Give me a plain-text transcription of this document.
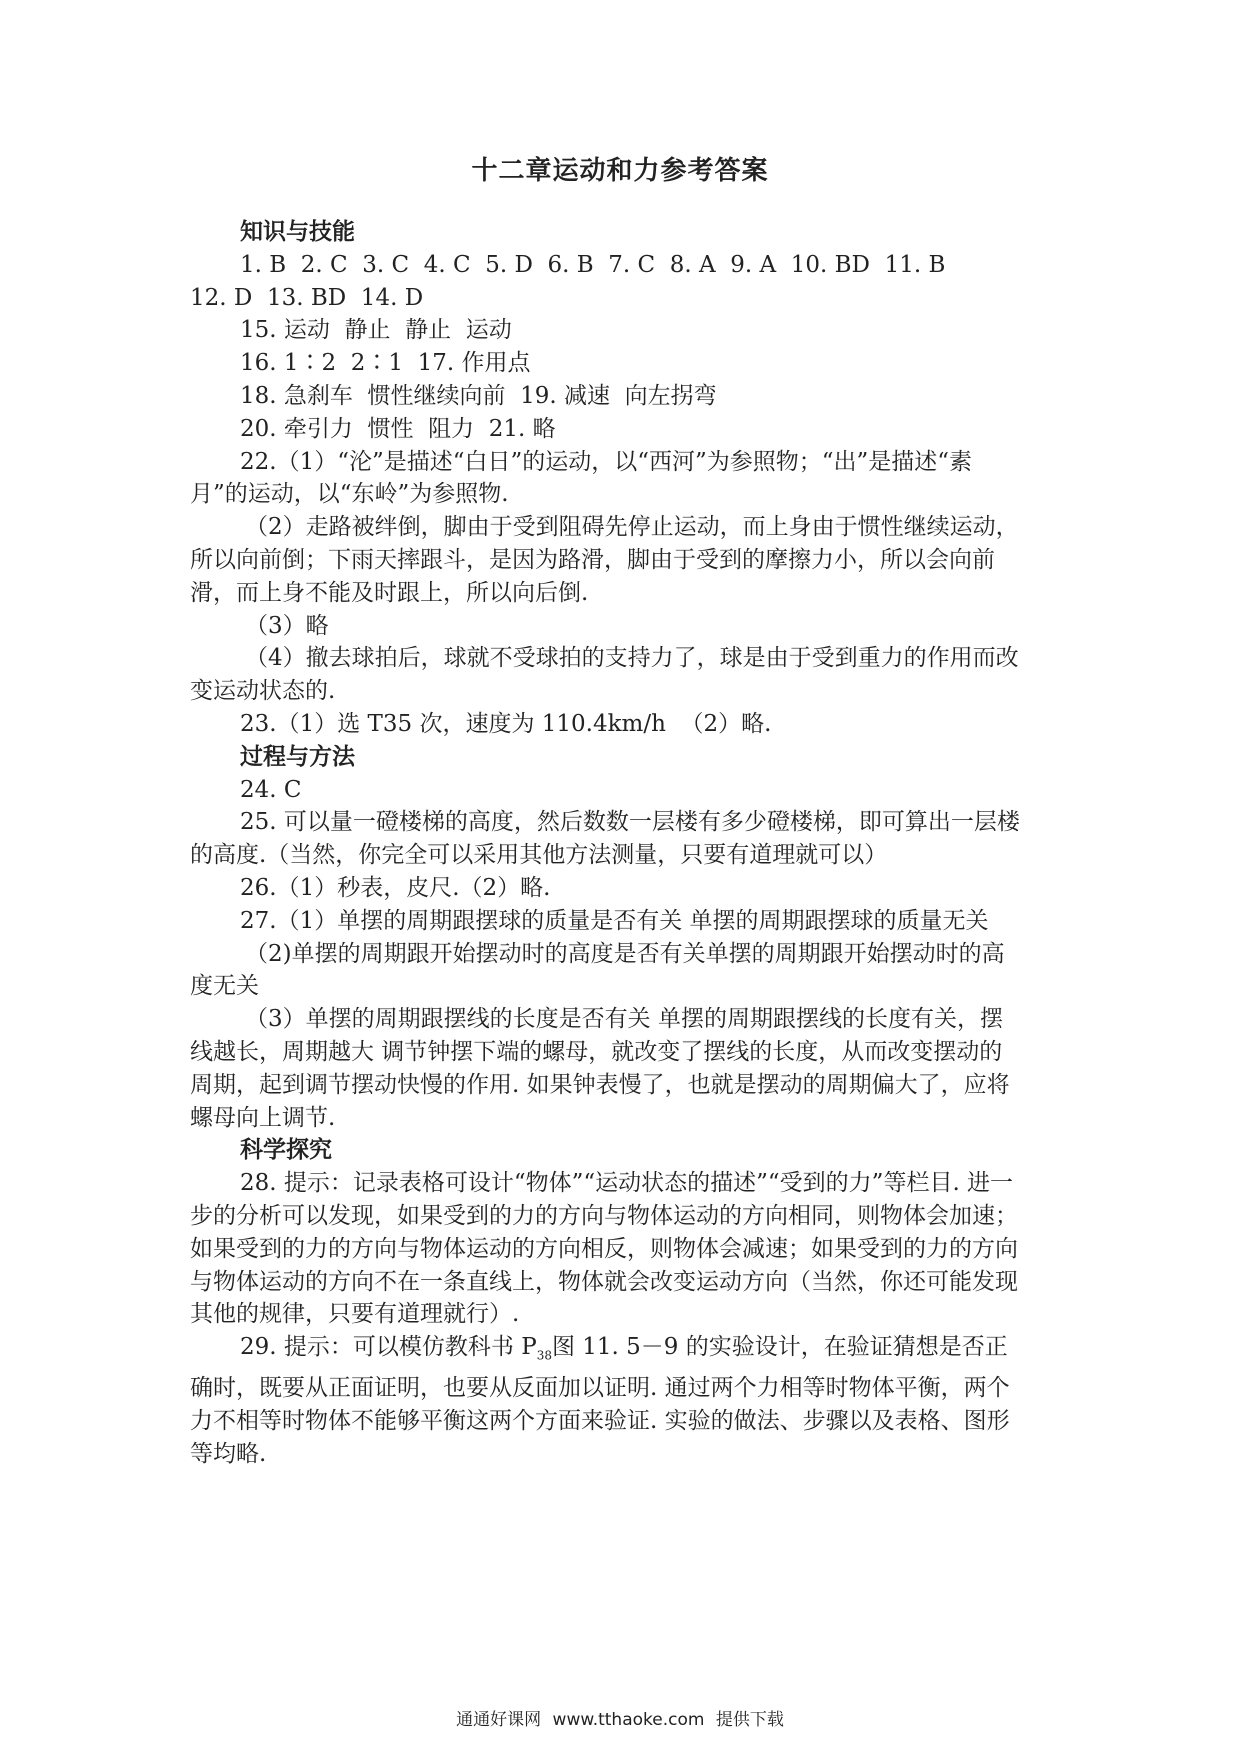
十二章运动和力参考答案

知识与技能

1. B  2. C  3. C  4. C  5. D  6. B  7. C  8. A  9. A  10. BD  11. B

12. D  13. BD  14. D

15. 运动  静止  静止  运动

16. 1∶2  2∶1  17. 作用点

18. 急刹车  惯性继续向前  19. 减速  向左拐弯

20. 牵引力  惯性  阻力  21. 略

22.（1）“沦”是描述“白日”的运动，以“西河”为参照物；“出”是描述“素月”的运动，以“东岭”为参照物.

（2）走路被绊倒，脚由于受到阻碍先停止运动，而上身由于惯性继续运动，所以向前倒；下雨天摔跟斗，是因为路滑，脚由于受到的摩擦力小，所以会向前滑，而上身不能及时跟上，所以向后倒.

（3）略

（4）撤去球拍后，球就不受球拍的支持力了，球是由于受到重力的作用而改变运动状态的.

23.（1）选 T35 次，速度为 110.4km/h  （2）略.

过程与方法

24. C

25. 可以量一磴楼梯的高度，然后数数一层楼有多少磴楼梯，即可算出一层楼的高度.（当然，你完全可以采用其他方法测量，只要有道理就可以）

26.（1）秒表，皮尺.（2）略.

27.（1）单摆的周期跟摆球的质量是否有关 单摆的周期跟摆球的质量无关

（2)单摆的周期跟开始摆动时的高度是否有关单摆的周期跟开始摆动时的高度无关

（3）单摆的周期跟摆线的长度是否有关 单摆的周期跟摆线的长度有关，摆线越长，周期越大 调节钟摆下端的螺母，就改变了摆线的长度，从而改变摆动的周期，起到调节摆动快慢的作用. 如果钟表慢了，也就是摆动的周期偏大了，应将螺母向上调节.

科学探究

28. 提示：记录表格可设计“物体”“运动状态的描述”“受到的力”等栏目. 进一步的分析可以发现，如果受到的力的方向与物体运动的方向相同，则物体会加速；如果受到的力的方向与物体运动的方向相反，则物体会减速；如果受到的力的方向与物体运动的方向不在一条直线上，物体就会改变运动方向（当然，你还可能发现其他的规律，只要有道理就行）.

29. 提示：可以模仿教科书 $P_{38}$图 11. 5－9 的实验设计，在验证猜想是否正确时，既要从正面证明，也要从反面加以证明. 通过两个力相等时物体平衡，两个力不相等时物体不能够平衡这两个方面来验证. 实验的做法、步骤以及表格、图形等均略.

通通好课网 www.tthaoke.com 提供下载
